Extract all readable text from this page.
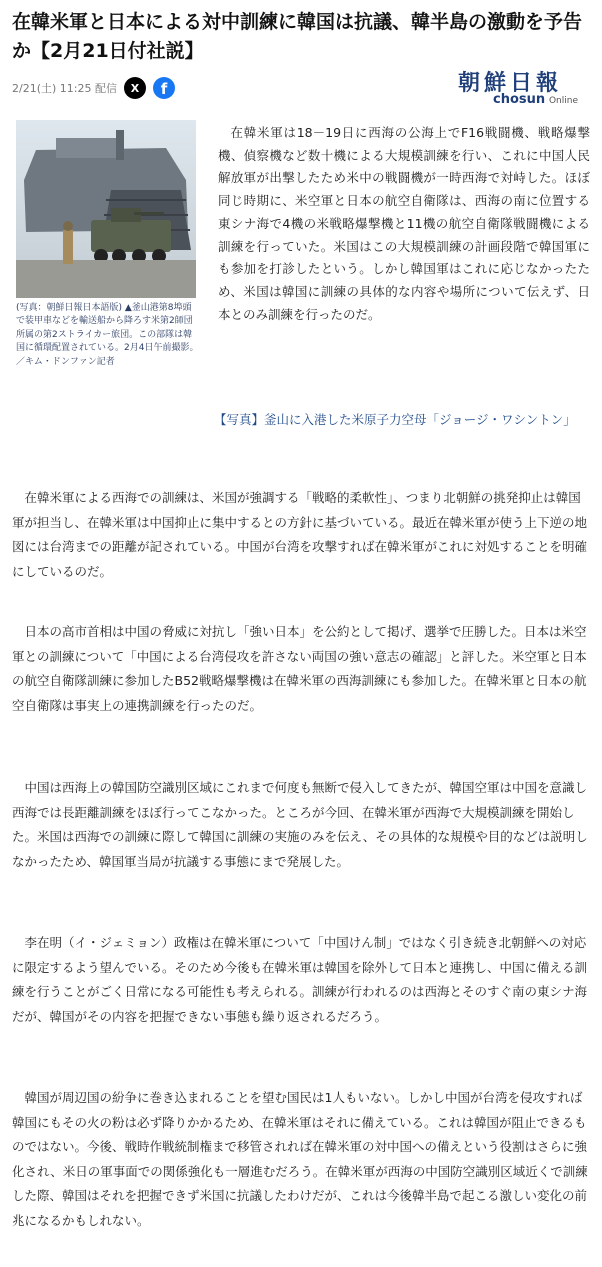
在韓米軍と日本による対中訓練に韓国は抗議、韓半島の激動を予告か【2月21日付社説】
2/21(土) 11:25 配信	X	f	朝鮮日報
chosun Online

(写真：朝鮮日報日本語版) ▲釜山港第8埠頭で装甲車などを輸送船から降ろす米第2師団所属の第2ストライカー旅団。この部隊は韓国に循環配置されている。2月4日午前撮影。／キム・ドンファン記者

在韓米軍は18－19日に西海の公海上でF16戦闘機、戦略爆撃機、偵察機など数十機による大規模訓練を行い、これに中国人民解放軍が出撃したため米中の戦闘機が一時西海で対峙した。ほぼ同じ時期に、米空軍と日本の航空自衛隊は、西海の南に位置する東シナ海で4機の米戦略爆撃機と11機の航空自衛隊戦闘機による訓練を行っていた。米国はこの大規模訓練の計画段階で韓国軍にも参加を打診したという。しかし韓国軍はこれに応じなかったため、米国は韓国に訓練の具体的な内容や場所について伝えず、日本とのみ訓練を行ったのだ。

【写真】釜山に入港した米原子力空母「ジョージ・ワシントン」

在韓米軍による西海での訓練は、米国が強調する「戦略的柔軟性」、つまり北朝鮮の挑発抑止は韓国軍が担当し、在韓米軍は中国抑止に集中するとの方針に基づいている。最近在韓米軍が使う上下逆の地図には台湾までの距離が記されている。中国が台湾を攻撃すれば在韓米軍がこれに対処することを明確にしているのだ。

日本の高市首相は中国の脅威に対抗し「強い日本」を公約として掲げ、選挙で圧勝した。日本は米空軍との訓練について「中国による台湾侵攻を許さない両国の強い意志の確認」と評した。米空軍と日本の航空自衛隊訓練に参加したB52戦略爆撃機は在韓米軍の西海訓練にも参加した。在韓米軍と日本の航空自衛隊は事実上の連携訓練を行ったのだ。

中国は西海上の韓国防空識別区域にこれまで何度も無断で侵入してきたが、韓国空軍は中国を意識し西海では長距離訓練をほぼ行ってこなかった。ところが今回、在韓米軍が西海で大規模訓練を開始した。米国は西海での訓練に際して韓国に訓練の実施のみを伝え、その具体的な規模や目的などは説明しなかったため、韓国軍当局が抗議する事態にまで発展した。

李在明（イ・ジェミョン）政権は在韓米軍について「中国けん制」ではなく引き続き北朝鮮への対応に限定するよう望んでいる。そのため今後も在韓米軍は韓国を除外して日本と連携し、中国に備える訓練を行うことがごく日常になる可能性も考えられる。訓練が行われるのは西海とそのすぐ南の東シナ海だが、韓国がその内容を把握できない事態も繰り返されるだろう。

韓国が周辺国の紛争に巻き込まれることを望む国民は1人もいない。しかし中国が台湾を侵攻すれば韓国にもその火の粉は必ず降りかかるため、在韓米軍はそれに備えている。これは韓国が阻止できるものではない。今後、戦時作戦統制権まで移管されれば在韓米軍の対中国への備えという役割はさらに強化され、米日の軍事面での関係強化も一層進むだろう。在韓米軍が西海の中国防空識別区域近くで訓練した際、韓国はそれを把握できず米国に抗議したわけだが、これは今後韓半島で起こる激しい変化の前兆になるかもしれない。
